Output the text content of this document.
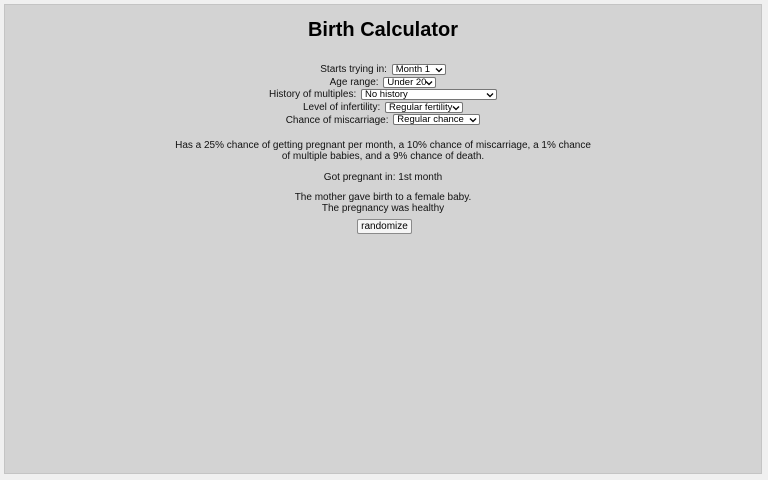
Birth Calculator
Starts trying in: Month 1
Age range: Under 20
History of multiples: No history
Level of infertility: Regular fertility
Chance of miscarriage: Regular chance
Has a 25% chance of getting pregnant per month, a 10% chance of miscarriage, a 1% chance
of multiple babies, and a 9% chance of death.
Got pregnant in: 1st month
The mother gave birth to a female baby.
The pregnancy was healthy
randomize
